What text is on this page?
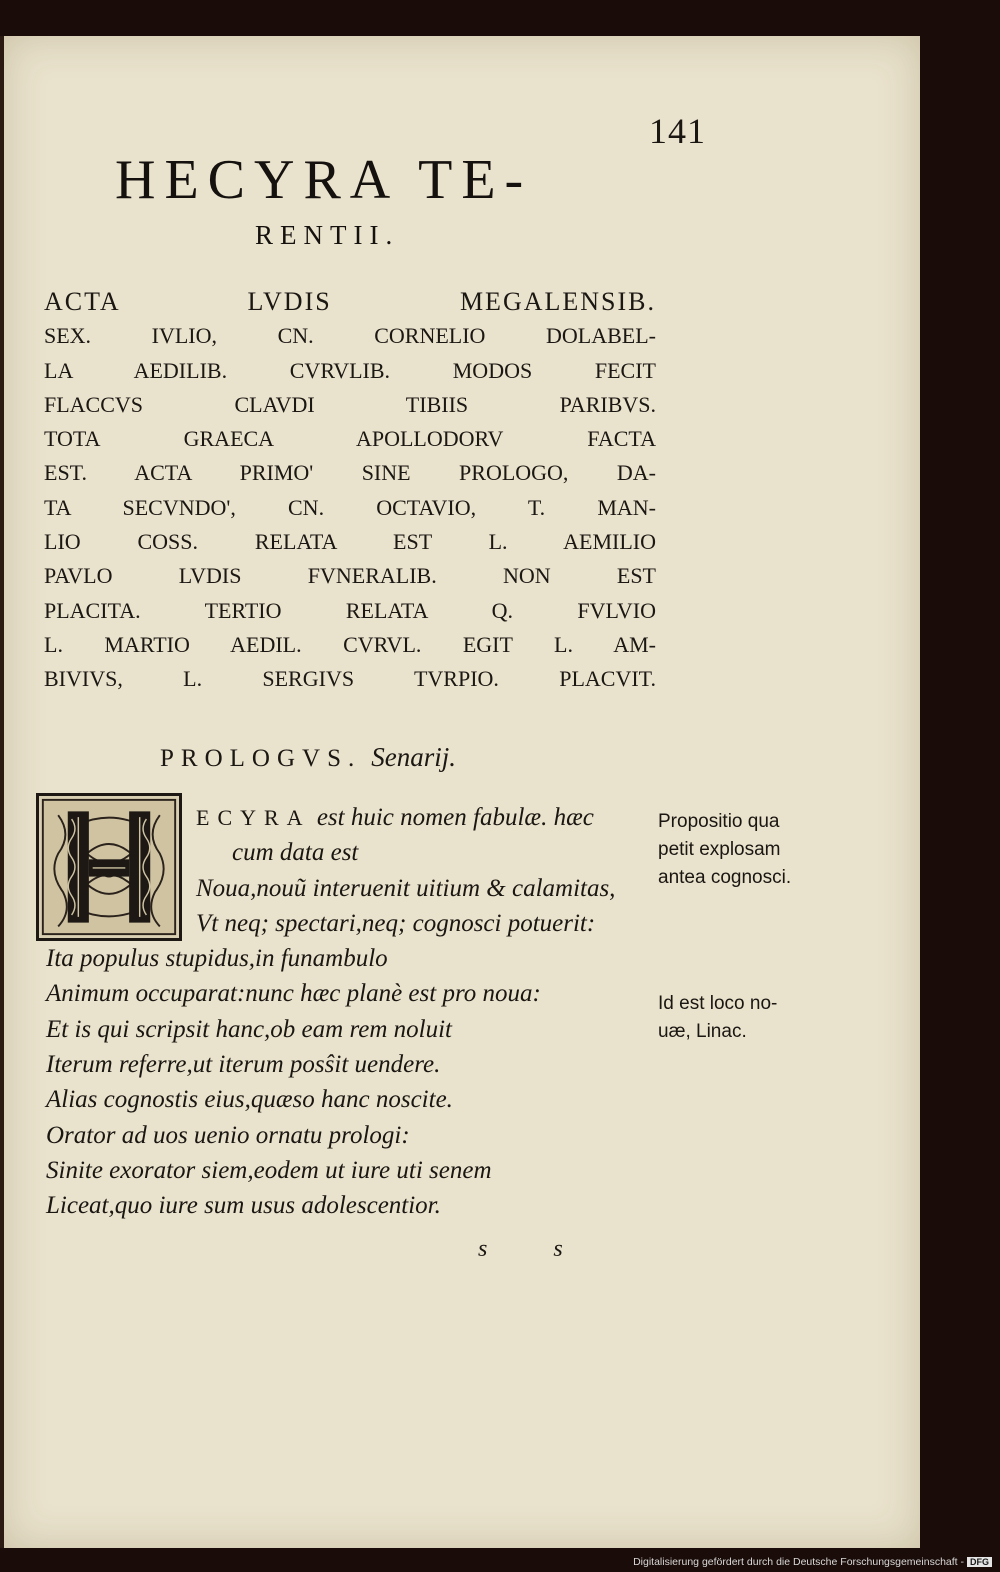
141
HECYRA TE-
RENTII.
ACTA LVDIS MEGALENSIB.
SEX. IVLIO, CN. CORNELIO DOLABEL-
LA AEDILIB. CVRVLIB. MODOS FECIT
FLACCVS CLAVDI TIBIIS PARIBVS.
TOTA GRAECA APOLLODORV FACTA
EST. ACTA PRIMO' SINE PROLOGO, DA-
TA SECVNDO', CN. OCTAVIO, T. MAN-
LIO COSS. RELATA EST L. AEMILIO
PAVLO LVDIS FVNERALIB. NON EST
PLACITA. TERTIO RELATA Q. FVLVIO
L. MARTIO AEDIL. CVRVL. EGIT L. AM-
BIVIVS, L. SERGIVS TVRPIO. PLACVIT.
PROLOGVS. Senarij.
ECYRA est huic nomen fabulæ. hæc
cum data est
Noua,nouũ interuenit uitium & calamitas,
Vt neq; spectari,neq; cognosci potuerit:
Ita populus stupidus,in funambulo
Animum occuparat:nunc hæc planè est pro noua:
Et is qui scripsit hanc,ob eam rem noluit
Iterum referre,ut iterum posŝit uendere.
Alias cognostis eius,quæso hanc noscite.
Orator ad uos uenio ornatu prologi:
Sinite exorator siem,eodem ut iure uti senem
Liceat,quo iure sum usus adolescentior.
Propositio qua
petit explosam
antea cognosci.
Id est loco no-
uæ, Linac.
s s
Digitalisierung gefördert durch die Deutsche Forschungsgemeinschaft - DFG
